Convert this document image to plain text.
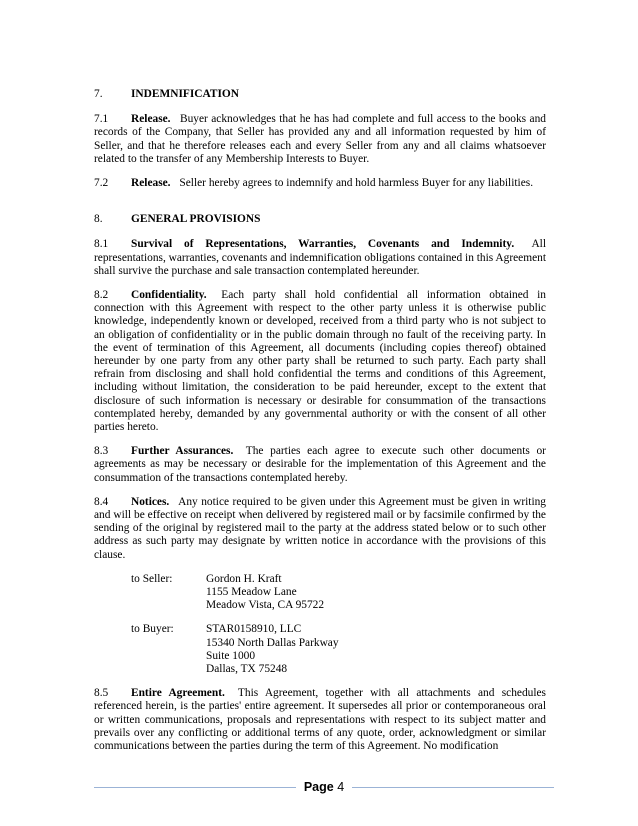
7.	INDEMNIFICATION
7.1 Release. Buyer acknowledges that he has had complete and full access to the books and records of the Company, that Seller has provided any and all information requested by him of Seller, and that he therefore releases each and every Seller from any and all claims whatsoever related to the transfer of any Membership Interests to Buyer.
7.2 Release. Seller hereby agrees to indemnify and hold harmless Buyer for any liabilities.
8.	GENERAL PROVISIONS
8.1 Survival of Representations, Warranties, Covenants and Indemnity. All representations, warranties, covenants and indemnification obligations contained in this Agreement shall survive the purchase and sale transaction contemplated hereunder.
8.2 Confidentiality. Each party shall hold confidential all information obtained in connection with this Agreement with respect to the other party unless it is otherwise public knowledge, independently known or developed, received from a third party who is not subject to an obligation of confidentiality or in the public domain through no fault of the receiving party. In the event of termination of this Agreement, all documents (including copies thereof) obtained hereunder by one party from any other party shall be returned to such party. Each party shall refrain from disclosing and shall hold confidential the terms and conditions of this Agreement, including without limitation, the consideration to be paid hereunder, except to the extent that disclosure of such information is necessary or desirable for consummation of the transactions contemplated hereby, demanded by any governmental authority or with the consent of all other parties hereto.
8.3 Further Assurances. The parties each agree to execute such other documents or agreements as may be necessary or desirable for the implementation of this Agreement and the consummation of the transactions contemplated hereby.
8.4 Notices. Any notice required to be given under this Agreement must be given in writing and will be effective on receipt when delivered by registered mail or by facsimile confirmed by the sending of the original by registered mail to the party at the address stated below or to such other address as such party may designate by written notice in accordance with the provisions of this clause.
to Seller:	Gordon H. Kraft
1155 Meadow Lane
Meadow Vista, CA 95722
to Buyer:	STAR0158910, LLC
15340 North Dallas Parkway
Suite 1000
Dallas, TX 75248
8.5 Entire Agreement. This Agreement, together with all attachments and schedules referenced herein, is the parties' entire agreement. It supersedes all prior or contemporaneous oral or written communications, proposals and representations with respect to its subject matter and prevails over any conflicting or additional terms of any quote, order, acknowledgment or similar communications between the parties during the term of this Agreement. No modification
Page 4
